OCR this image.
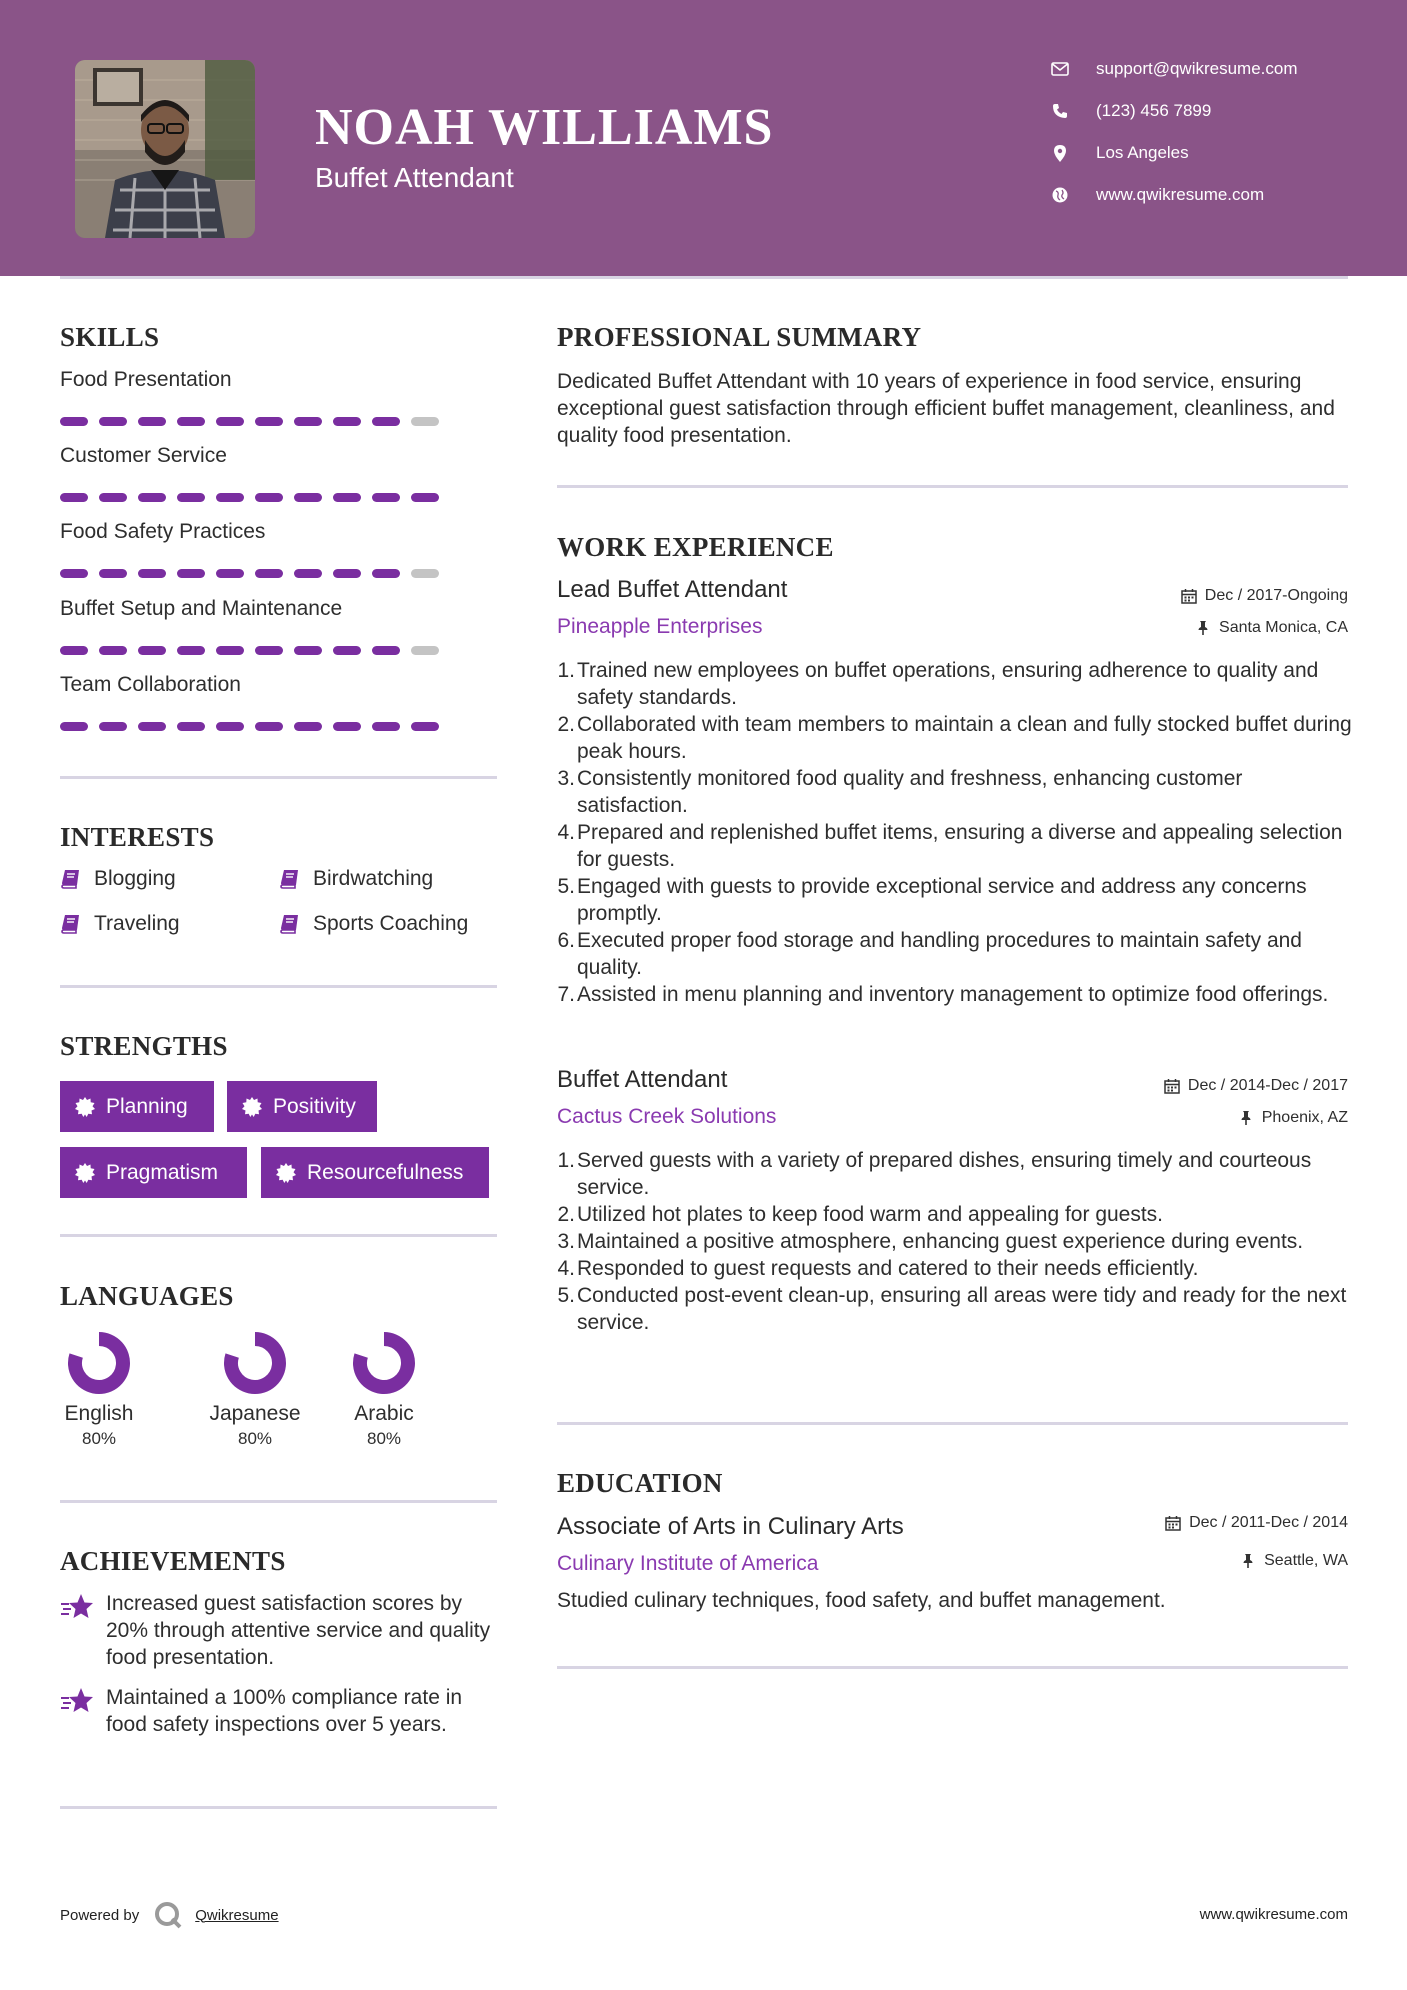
NOAH WILLIAMS
Buffet Attendant
support@qwikresume.com
(123) 456 7899
Los Angeles
www.qwikresume.com
SKILLS
Food Presentation
Customer Service
Food Safety Practices
Buffet Setup and Maintenance
Team Collaboration
INTERESTS
Blogging	Birdwatching
Traveling	Sports Coaching
STRENGTHS
Planning	Positivity
Pragmatism	Resourcefulness
LANGUAGES
English
80%
Japanese
80%
Arabic
80%
ACHIEVEMENTS
Increased guest satisfaction scores by 20% through attentive service and quality food presentation.
Maintained a 100% compliance rate in food safety inspections over 5 years.
PROFESSIONAL SUMMARY
Dedicated Buffet Attendant with 10 years of experience in food service, ensuring exceptional guest satisfaction through efficient buffet management, cleanliness, and quality food presentation.
WORK EXPERIENCE
Lead Buffet Attendant	Dec / 2017-Ongoing
Pineapple Enterprises	Santa Monica, CA
1. Trained new employees on buffet operations, ensuring adherence to quality and safety standards.
2. Collaborated with team members to maintain a clean and fully stocked buffet during peak hours.
3. Consistently monitored food quality and freshness, enhancing customer satisfaction.
4. Prepared and replenished buffet items, ensuring a diverse and appealing selection for guests.
5. Engaged with guests to provide exceptional service and address any concerns promptly.
6. Executed proper food storage and handling procedures to maintain safety and quality.
7. Assisted in menu planning and inventory management to optimize food offerings.
Buffet Attendant	Dec / 2014-Dec / 2017
Cactus Creek Solutions	Phoenix, AZ
1. Served guests with a variety of prepared dishes, ensuring timely and courteous service.
2. Utilized hot plates to keep food warm and appealing for guests.
3. Maintained a positive atmosphere, enhancing guest experience during events.
4. Responded to guest requests and catered to their needs efficiently.
5. Conducted post-event clean-up, ensuring all areas were tidy and ready for the next service.
EDUCATION
Associate of Arts in Culinary Arts	Dec / 2011-Dec / 2014
Culinary Institute of America	Seattle, WA
Studied culinary techniques, food safety, and buffet management.
Powered by	Qwikresume	www.qwikresume.com
